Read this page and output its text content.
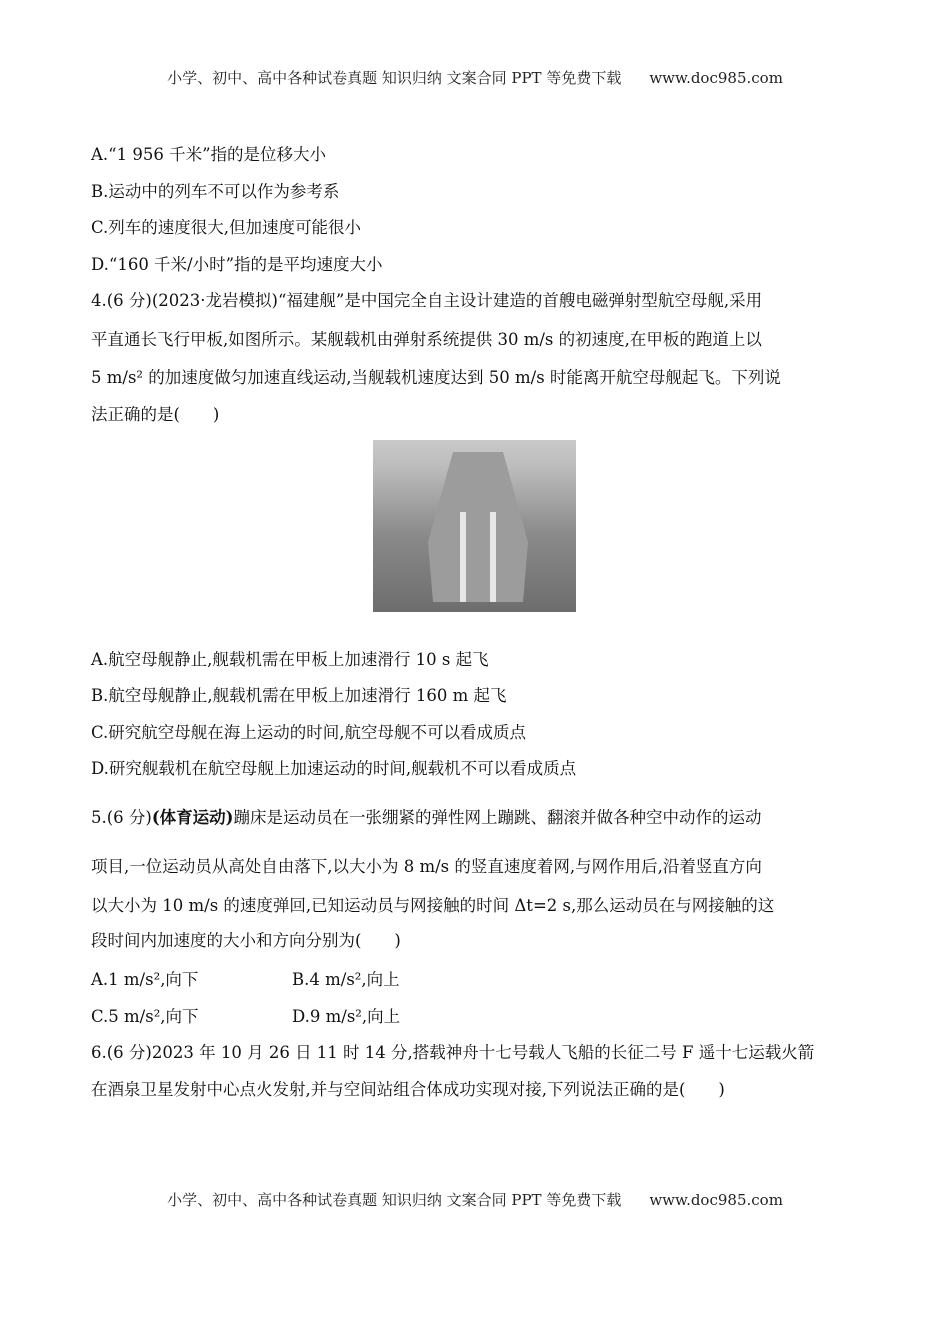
小学、初中、高中各种试卷真题 知识归纳 文案合同 PPT 等免费下载 www.doc985.com
A.“1 956 千米”指的是位移大小
B.运动中的列车不可以作为参考系
C.列车的速度很大,但加速度可能很小
D.“160 千米/小时”指的是平均速度大小
4.(6 分)(2023·龙岩模拟)“福建舰”是中国完全自主设计建造的首艘电磁弹射型航空母舰,采用
平直通长飞行甲板,如图所示。某舰载机由弹射系统提供 30 m/s 的初速度,在甲板的跑道上以
5 m/s² 的加速度做匀加速直线运动,当舰载机速度达到 50 m/s 时能离开航空母舰起飞。下列说
法正确的是(　　)
A.航空母舰静止,舰载机需在甲板上加速滑行 10 s 起飞
B.航空母舰静止,舰载机需在甲板上加速滑行 160 m 起飞
C.研究航空母舰在海上运动的时间,航空母舰不可以看成质点
D.研究舰载机在航空母舰上加速运动的时间,舰载机不可以看成质点
5.(6 分)(体育运动)蹦床是运动员在一张绷紧的弹性网上蹦跳、翻滚并做各种空中动作的运动
项目,一位运动员从高处自由落下,以大小为 8 m/s 的竖直速度着网,与网作用后,沿着竖直方向
以大小为 10 m/s 的速度弹回,已知运动员与网接触的时间 Δt=2 s,那么运动员在与网接触的这
段时间内加速度的大小和方向分别为(　　)
A.1 m/s²,向下	B.4 m/s²,向上
C.5 m/s²,向下	D.9 m/s²,向上
6.(6 分)2023 年 10 月 26 日 11 时 14 分,搭载神舟十七号载人飞船的长征二号 F 遥十七运载火箭
在酒泉卫星发射中心点火发射,并与空间站组合体成功实现对接,下列说法正确的是(　　)
小学、初中、高中各种试卷真题 知识归纳 文案合同 PPT 等免费下载 www.doc985.com
